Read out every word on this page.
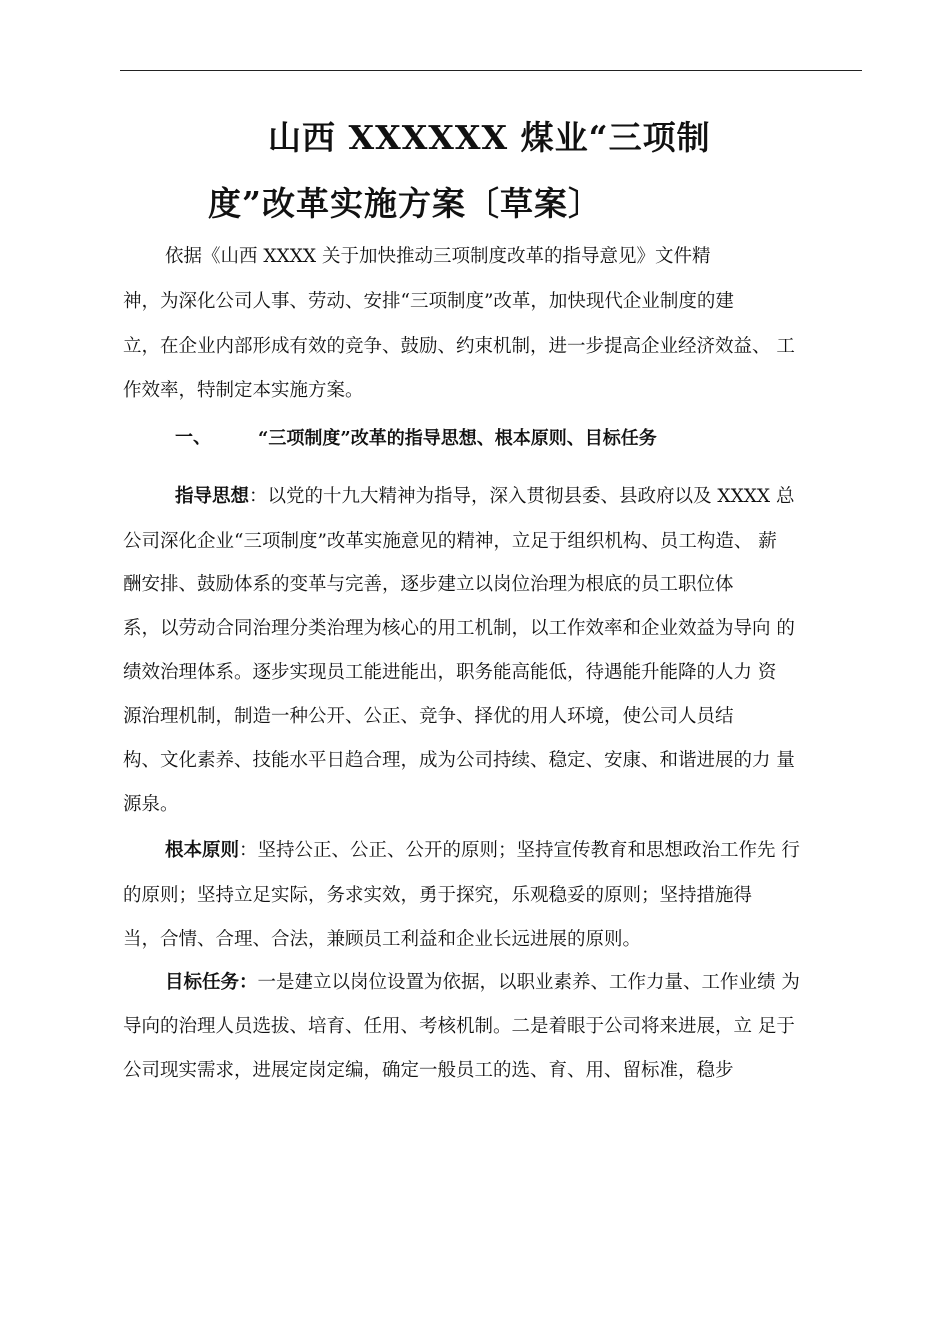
山西 XXXXXX 煤业“三项制
度”改革实施方案〔草案〕
依据《山西 XXXX 关于加快推动三项制度改革的指导意见》文件精
神，为深化公司人事、劳动、安排“三项制度”改革，加快现代企业制度的建
立，在企业内部形成有效的竞争、鼓励、约束机制，进一步提高企业经济效益、 工
作效率，特制定本实施方案。
一、	“三项制度”改革的指导思想、根本原则、目标任务
指导思想：以党的十九大精神为指导，深入贯彻县委、县政府以及 XXXX 总
公司深化企业“三项制度”改革实施意见的精神，立足于组织机构、员工构造、 薪
酬安排、鼓励体系的变革与完善，逐步建立以岗位治理为根底的员工职位体
系，以劳动合同治理分类治理为核心的用工机制，以工作效率和企业效益为导向 的
绩效治理体系。逐步实现员工能进能出，职务能高能低，待遇能升能降的人力 资
源治理机制，制造一种公开、公正、竞争、择优的用人环境，使公司人员结
构、文化素养、技能水平日趋合理，成为公司持续、稳定、安康、和谐进展的力 量
源泉。
根本原则：坚持公正、公正、公开的原则；坚持宣传教育和思想政治工作先 行
的原则；坚持立足实际，务求实效，勇于探究，乐观稳妥的原则；坚持措施得
当，合情、合理、合法，兼顾员工利益和企业长远进展的原则。
目标任务：一是建立以岗位设置为依据，以职业素养、工作力量、工作业绩 为
导向的治理人员选拔、培育、任用、考核机制。二是着眼于公司将来进展，立 足于
公司现实需求，进展定岗定编，确定一般员工的选、育、用、留标准，稳步
